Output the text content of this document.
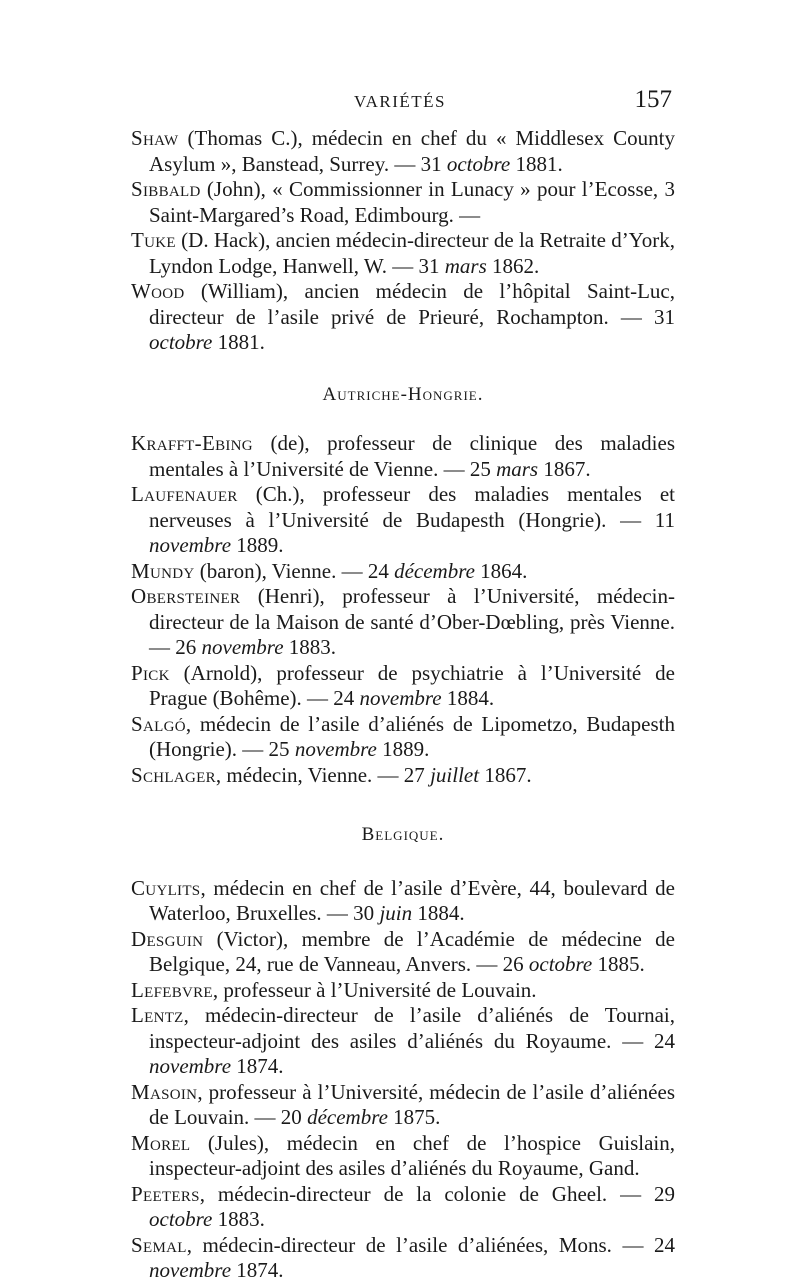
VARIÉTÉS	157

Shaw (Thomas C.), médecin en chef du « Middlesex County Asylum », Banstead, Surrey. — 31 octobre 1881.

Sibbald (John), « Commissionner in Lunacy » pour l’Ecosse, 3 Saint-Margared’s Road, Edimbourg. —

Tuke (D. Hack), ancien médecin-directeur de la Retraite d’York, Lyndon Lodge, Hanwell, W. — 31 mars 1862.

Wood (William), ancien médecin de l’hôpital Saint-Luc, directeur de l’asile privé de Prieuré, Rochampton. — 31 octobre 1881.

Autriche-Hongrie.

Krafft-Ebing (de), professeur de clinique des maladies mentales à l’Université de Vienne. — 25 mars 1867.

Laufenauer (Ch.), professeur des maladies mentales et nerveuses à l’Université de Budapesth (Hongrie). — 11 novembre 1889.

Mundy (baron), Vienne. — 24 décembre 1864.

Obersteiner (Henri), professeur à l’Université, médecin-directeur de la Maison de santé d’Ober-Dœbling, près Vienne. — 26 novembre 1883.

Pick (Arnold), professeur de psychiatrie à l’Université de Prague (Bohême). — 24 novembre 1884.

Salgó, médecin de l’asile d’aliénés de Lipometzo, Budapesth (Hongrie). — 25 novembre 1889.

Schlager, médecin, Vienne. — 27 juillet 1867.

Belgique.

Cuylits, médecin en chef de l’asile d’Evère, 44, boulevard de Waterloo, Bruxelles. — 30 juin 1884.

Desguin (Victor), membre de l’Académie de médecine de Belgique, 24, rue de Vanneau, Anvers. — 26 octobre 1885.

Lefebvre, professeur à l’Université de Louvain.

Lentz, médecin-directeur de l’asile d’aliénés de Tournai, inspecteur-adjoint des asiles d’aliénés du Royaume. — 24 novembre 1874.

Masoin, professeur à l’Université, médecin de l’asile d’aliénées de Louvain. — 20 décembre 1875.

Morel (Jules), médecin en chef de l’hospice Guislain, inspecteur-adjoint des asiles d’aliénés du Royaume, Gand.

Peeters, médecin-directeur de la colonie de Gheel. — 29 octobre 1883.

Semal, médecin-directeur de l’asile d’aliénées, Mons. — 24 novembre 1874.
